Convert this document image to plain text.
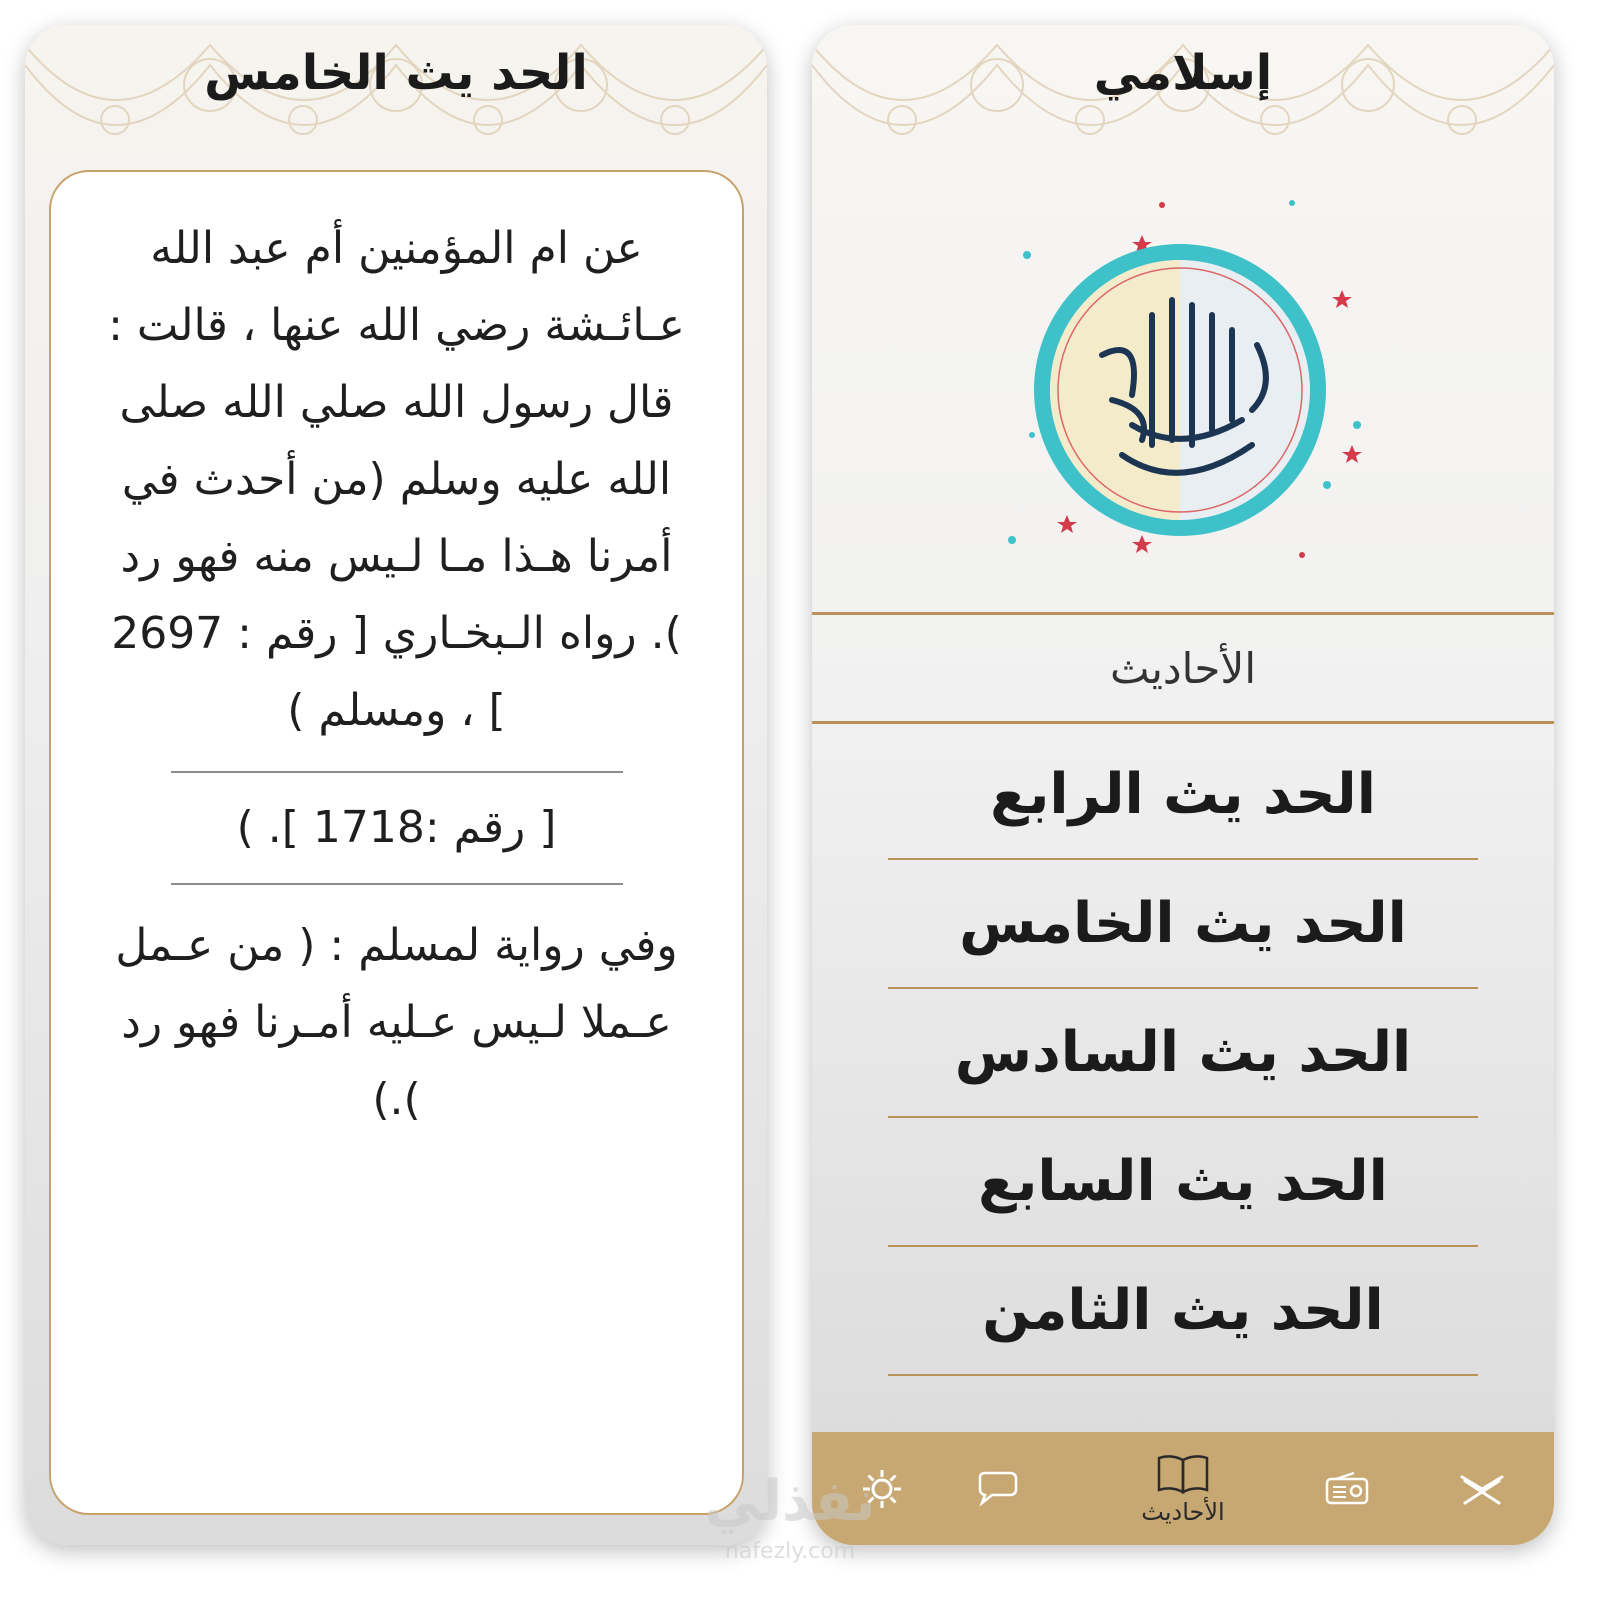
الحد يث الخامس

عن ام المؤمنين أم عبد الله عـائـشة رضي الله عنها ، قالت : قال رسول الله صلي الله صلى الله عليه وسلم (من أحدث في أمرنا هـذا مـا لـيس منه فهو رد ). رواه الـبخـاري [ رقم : 2697 ] ، ومسلم )

[ رقم :1718 ]. )

وفي رواية لمسلم : ( من عـمل عـملا لـيس عـليه أمـرنا فهو رد ).)

إسلامي
الأحاديث
الحد يث الرابع
الحد يث الخامس
الحد يث السادس
الحد يث السابع
الحد يث الثامن
الأحاديث
نفذلي
nafezly.com
